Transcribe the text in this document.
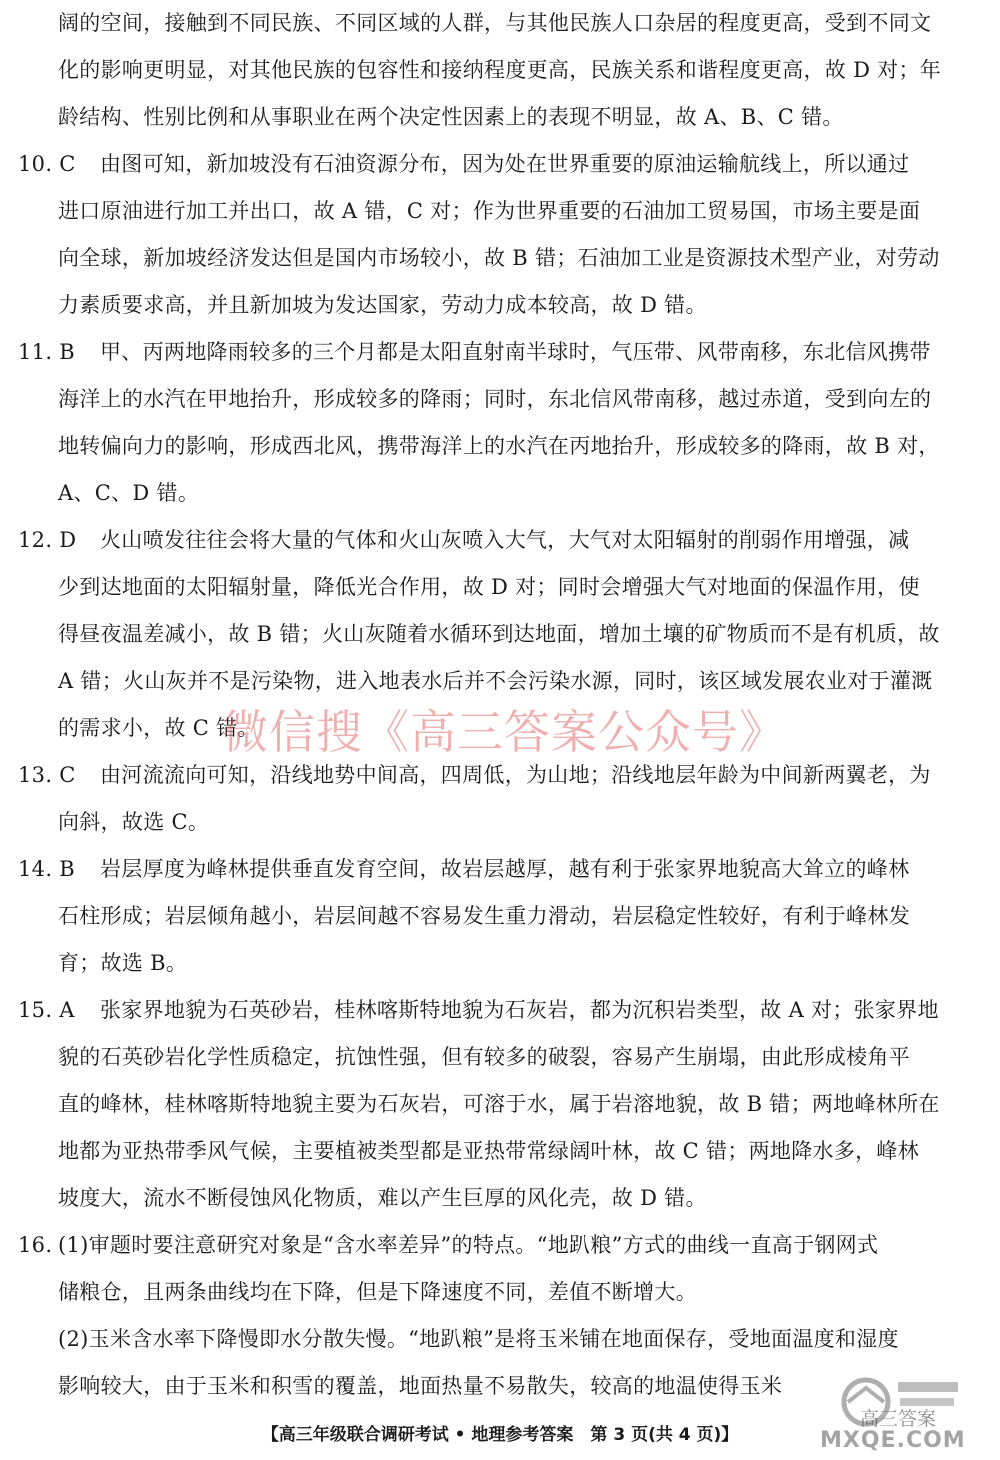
阔的空间，接触到不同民族、不同区域的人群，与其他民族人口杂居的程度更高，受到不同文
化的影响更明显，对其他民族的包容性和接纳程度更高，民族关系和谐程度更高，故 D 对；年
龄结构、性别比例和从事职业在两个决定性因素上的表现不明显，故 A、B、C 错。
10. C 由图可知，新加坡没有石油资源分布，因为处在世界重要的原油运输航线上，所以通过
进口原油进行加工并出口，故 A 错，C 对；作为世界重要的石油加工贸易国，市场主要是面
向全球，新加坡经济发达但是国内市场较小，故 B 错；石油加工业是资源技术型产业，对劳动
力素质要求高，并且新加坡为发达国家，劳动力成本较高，故 D 错。
11. B 甲、丙两地降雨较多的三个月都是太阳直射南半球时，气压带、风带南移，东北信风携带
海洋上的水汽在甲地抬升，形成较多的降雨；同时，东北信风带南移，越过赤道，受到向左的
地转偏向力的影响，形成西北风，携带海洋上的水汽在丙地抬升，形成较多的降雨，故 B 对，
A、C、D 错。
12. D 火山喷发往往会将大量的气体和火山灰喷入大气，大气对太阳辐射的削弱作用增强，减
少到达地面的太阳辐射量，降低光合作用，故 D 对；同时会增强大气对地面的保温作用，使
得昼夜温差减小，故 B 错；火山灰随着水循环到达地面，增加土壤的矿物质而不是有机质，故
A 错；火山灰并不是污染物，进入地表水后并不会污染水源，同时，该区域发展农业对于灌溉
的需求小，故 C 错。
13. C 由河流流向可知，沿线地势中间高，四周低，为山地；沿线地层年龄为中间新两翼老，为
向斜，故选 C。
14. B 岩层厚度为峰林提供垂直发育空间，故岩层越厚，越有利于张家界地貌高大耸立的峰林
石柱形成；岩层倾角越小，岩层间越不容易发生重力滑动，岩层稳定性较好，有利于峰林发
育；故选 B。
15. A 张家界地貌为石英砂岩，桂林喀斯特地貌为石灰岩，都为沉积岩类型，故 A 对；张家界地
貌的石英砂岩化学性质稳定，抗蚀性强，但有较多的破裂，容易产生崩塌，由此形成棱角平
直的峰林，桂林喀斯特地貌主要为石灰岩，可溶于水，属于岩溶地貌，故 B 错；两地峰林所在
地都为亚热带季风气候，主要植被类型都是亚热带常绿阔叶林，故 C 错；两地降水多，峰林
坡度大，流水不断侵蚀风化物质，难以产生巨厚的风化壳，故 D 错。
16. (1)审题时要注意研究对象是“含水率差异”的特点。“地趴粮”方式的曲线一直高于钢网式
储粮仓，且两条曲线均在下降，但是下降速度不同，差值不断增大。
(2)玉米含水率下降慢即水分散失慢。“地趴粮”是将玉米铺在地面保存，受地面温度和湿度
影响较大，由于玉米和积雪的覆盖，地面热量不易散失，较高的地温使得玉米
微信搜《高三答案公众号》
高三答案
MXQE.COM
【高三年级联合调研考试 • 地理参考答案　第 3 页(共 4 页)】
